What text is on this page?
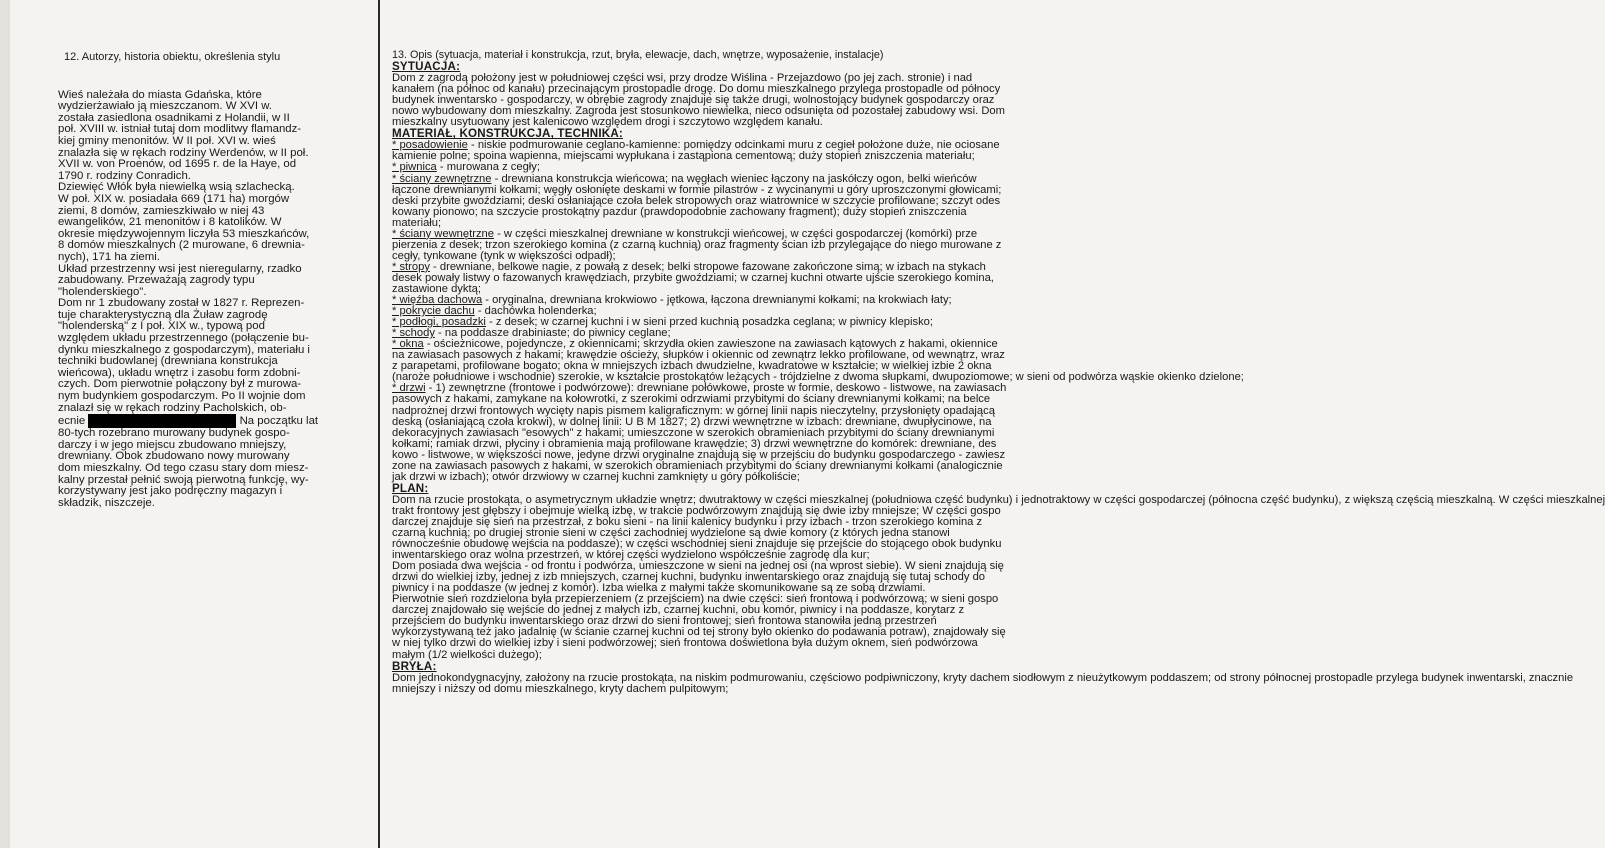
12. Autorzy, historia obiektu, określenia stylu

Wieś należała do miasta Gdańska, które
wydzierżawiało ją mieszczanom. W XVI w.
została zasiedlona osadnikami z Holandii, w II
poł. XVIII w. istniał tutaj dom modlitwy flamandz-
kiej gminy menonitów. W II poł. XVI w. wieś
znalazła się w rękach rodziny Werdenów, w II poł.
XVII w. von Proenów, od 1695 r. de la Haye, od
1790 r. rodziny Conradich.
Dziewięć Włók była niewielką wsią szlachecką.
W poł. XIX w. posiadała 669 (171 ha) morgów
ziemi, 8 domów, zamieszkiwało w niej 43
ewangelików, 21 menonitów i 8 katolików. W
okresie międzywojennym liczyła 53 mieszkańców,
8 domów mieszkalnych (2 murowane, 6 drewnia-
nych), 171 ha ziemi.
Układ przestrzenny wsi jest nieregularny, rzadko
zabudowany. Przeważają zagrody typu
"holenderskiego".
Dom nr 1 zbudowany został w 1827 r. Reprezen-
tuje charakterystyczną dla Żuław zagrodę
"holenderską" z I poł. XIX w., typową pod
względem układu przestrzennego (połączenie bu-
dynku mieszkalnego z gospodarczym), materiału i
techniki budowlanej (drewniana konstrukcja
wieńcowa), układu wnętrz i zasobu form zdobni-
czych. Dom pierwotnie połączony był z murowa-
nym budynkiem gospodarczym. Po II wojnie dom
znalazł się w rękach rodziny Pacholskich, ob-
ecnie	Na początku lat
80-tych rozebrano murowany budynek gospo-
darczy i w jego miejscu zbudowano mniejszy,
drewniany. Obok zbudowano nowy murowany
dom mieszkalny. Od tego czasu stary dom miesz-
kalny przestał pełnić swoją pierwotną funkcję, wy-
korzystywany jest jako podręczny magazyn i
składzik, niszczeje.

13. Opis (sytuacja, materiał i konstrukcja, rzut, bryła, elewacje, dach, wnętrze, wyposażenie, instalacje)
SYTUACJA:
Dom z zagrodą położony jest w południowej części wsi, przy drodze Wiślina - Przejazdowo (po jej zach. stronie) i nad
kanałem (na północ od kanału) przecinającym prostopadle drogę. Do domu mieszkalnego przylega prostopadle od północy
budynek inwentarsko - gospodarczy, w obrębie zagrody znajduje się także drugi, wolnostojący budynek gospodarczy oraz
nowo wybudowany dom mieszkalny. Zagroda jest stosunkowo niewielka, nieco odsunięta od pozostałej zabudowy wsi. Dom
mieszkalny usytuowany jest kalenicowo względem drogi i szczytowo względem kanału.
MATERIAŁ, KONSTRUKCJA, TECHNIKA:
* posadowienie - niskie podmurowanie ceglano-kamienne: pomiędzy odcinkami muru z cegieł położone duże, nie ociosane
kamienie polne; spoina wapienna, miejscami wypłukana i zastąpiona cementową; duży stopień zniszczenia materiału;
* piwnica - murowana z cegły;
* ściany zewnętrzne - drewniana konstrukcja wieńcowa; na węgłach wieniec łączony na jaskółczy ogon, belki wieńców
łączone drewnianymi kołkami; węgły osłonięte deskami w formie pilastrów - z wycinanymi u góry uproszczonymi głowicami;
deski przybite gwoździami; deski osłaniające czoła belek stropowych oraz wiatrownice w szczycie profilowane; szczyt odes
kowany pionowo; na szczycie prostokątny pazdur (prawdopodobnie zachowany fragment); duży stopień zniszczenia
materiału;
* ściany wewnętrzne - w części mieszkalnej drewniane w konstrukcji wieńcowej, w części gospodarczej (komórki) prze
pierzenia z desek; trzon szerokiego komina (z czarną kuchnią) oraz fragmenty ścian izb przylegające do niego murowane z
cegły, tynkowane (tynk w większości odpadł);
* stropy - drewniane, belkowe nagie, z powałą z desek; belki stropowe fazowane zakończone simą; w izbach na stykach
desek powały listwy o fazowanych krawędziach, przybite gwoździami; w czarnej kuchni otwarte ujście szerokiego komina,
zastawione dyktą;
* więźba dachowa - oryginalna, drewniana krokwiowo - jętkowa, łączona drewnianymi kołkami; na krokwiach łaty;
* pokrycie dachu - dachówka holenderka;
* podłogi, posadzki - z desek; w czarnej kuchni i w sieni przed kuchnią posadzka ceglana; w piwnicy klepisko;
* schody - na poddasze drabiniaste; do piwnicy ceglane;
* okna - ościeżnicowe, pojedyncze, z okiennicami; skrzydła okien zawieszone na zawiasach kątowych z hakami, okiennice
na zawiasach pasowych z hakami; krawędzie ościeży, słupków i okiennic od zewnątrz lekko profilowane, od wewnątrz, wraz
z parapetami, profilowane bogato; okna w mniejszych izbach dwudzielne, kwadratowe w kształcie; w wielkiej izbie 2 okna
(naroże południowe i wschodnie) szerokie, w kształcie prostokątów leżących - trójdzielne z dwoma słupkami, dwupoziomowe; w sieni od podwórza wąskie okienko dzielone;
* drzwi - 1) zewnętrzne (frontowe i podwórzowe): drewniane połówkowe, proste w formie, deskowo - listwowe, na zawiasach
pasowych z hakami, zamykane na kołowrotki, z szerokimi odrzwiami przybitymi do ściany drewnianymi kołkami; na belce
nadprożnej drzwi frontowych wycięty napis pismem kaligraficznym: w górnej linii napis nieczytelny, przysłonięty opadającą
deską (osłaniającą czoła krokwi), w dolnej linii: U B M 1827; 2) drzwi wewnętrzne w izbach: drewniane, dwupłycinowe, na
dekoracyjnych zawiasach "esowych" z hakami; umieszczone w szerokich obramieniach przybitymi do ściany drewnianymi
kołkami; ramiak drzwi, płyciny i obramienia mają profilowane krawędzie; 3) drzwi wewnętrzne do komórek: drewniane, des
kowo - listwowe, w większości nowe, jedyne drzwi oryginalne znajdują się w przejściu do budynku gospodarczego - zawiesz
zone na zawiasach pasowych z hakami, w szerokich obramieniach przybitymi do ściany drewnianymi kołkami (analogicznie
jak drzwi w izbach); otwór drzwiowy w czarnej kuchni zamknięty u góry półkoliście;
PLAN:
Dom na rzucie prostokąta, o asymetrycznym układzie wnętrz; dwutraktowy w części mieszkalnej (południowa część budynku) i jednotraktowy w części gospodarczej (północna część budynku), z większą częścią mieszkalną. W części mieszkalnej
trakt frontowy jest głębszy i obejmuje wielką izbę, w trakcie podwórzowym znajdują się dwie izby mniejsze; W części gospo
darczej znajduje się sień na przestrzał, z boku sieni - na linii kalenicy budynku i przy izbach - trzon szerokiego komina z
czarną kuchnią; po drugiej stronie sieni w części zachodniej wydzielone są dwie komory (z których jedna stanowi
równocześnie obudowę wejścia na poddasze); w części wschodniej sieni znajduje się przejście do stojącego obok budynku
inwentarskiego oraz wolna przestrzeń, w której części wydzielono współcześnie zagrodę dla kur;
Dom posiada dwa wejścia - od frontu i podwórza, umieszczone w sieni na jednej osi (na wprost siebie). W sieni znajdują się
drzwi do wielkiej izby, jednej z izb mniejszych, czarnej kuchni, budynku inwentarskiego oraz znajdują się tutaj schody do
piwnicy i na poddasze (w jednej z komór). Izba wielka z małymi także skomunikowane są ze sobą drzwiami.
Pierwotnie sień rozdzielona była przepierzeniem (z przejściem) na dwie części: sień frontową i podwórzową; w sieni gospo
darczej znajdowało się wejście do jednej z małych izb, czarnej kuchni, obu komór, piwnicy i na poddasze, korytarz z
przejściem do budynku inwentarskiego oraz drzwi do sieni frontowej; sień frontowa stanowiła jedną przestrzeń
wykorzystywaną też jako jadalnię (w ścianie czarnej kuchni od tej strony było okienko do podawania potraw), znajdowały się
w niej tylko drzwi do wielkiej izby i sieni podwórzowej; sień frontowa doświetlona była dużym oknem, sień podwórzowa
małym (1/2 wielkości dużego);
BRYŁA:
Dom jednokondygnacyjny, założony na rzucie prostokąta, na niskim podmurowaniu, częściowo podpiwniczony, kryty dachem siodłowym z nieużytkowym poddaszem; od strony północnej prostopadle przylega budynek inwentarski, znacznie
mniejszy i niższy od domu mieszkalnego, kryty dachem pulpitowym;
